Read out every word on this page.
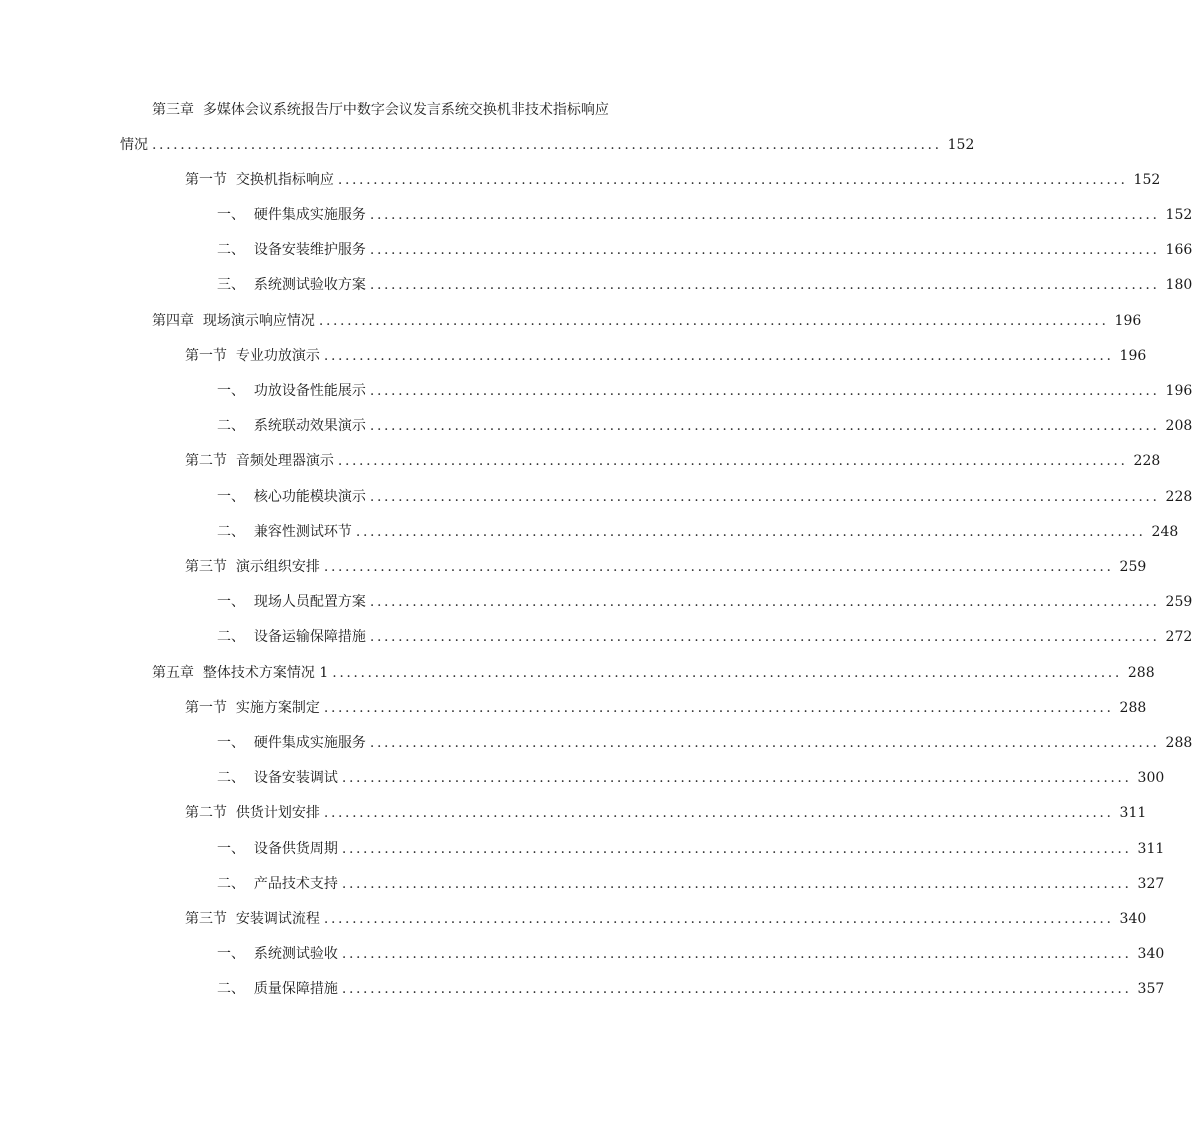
第三章  多媒体会议系统报告厅中数字会议发言系统交换机非技术指标响应
情况 ................................................................................................................ 152
第一节  交换机指标响应 ................................................................................................................ 152
一、  硬件集成实施服务 ................................................................................................................ 152
二、  设备安装维护服务 ................................................................................................................ 166
三、  系统测试验收方案 ................................................................................................................ 180
第四章  现场演示响应情况 ................................................................................................................ 196
第一节  专业功放演示 ................................................................................................................ 196
一、  功放设备性能展示 ................................................................................................................ 196
二、  系统联动效果演示 ................................................................................................................ 208
第二节  音频处理器演示 ................................................................................................................ 228
一、  核心功能模块演示 ................................................................................................................ 228
二、  兼容性测试环节 ................................................................................................................ 248
第三节  演示组织安排 ................................................................................................................ 259
一、  现场人员配置方案 ................................................................................................................ 259
二、  设备运输保障措施 ................................................................................................................ 272
第五章  整体技术方案情况 1 ................................................................................................................ 288
第一节  实施方案制定 ................................................................................................................ 288
一、  硬件集成实施服务 ................................................................................................................ 288
二、  设备安装调试 ................................................................................................................ 300
第二节  供货计划安排 ................................................................................................................ 311
一、  设备供货周期 ................................................................................................................ 311
二、  产品技术支持 ................................................................................................................ 327
第三节  安装调试流程 ................................................................................................................ 340
一、  系统测试验收 ................................................................................................................ 340
二、  质量保障措施 ................................................................................................................ 357
